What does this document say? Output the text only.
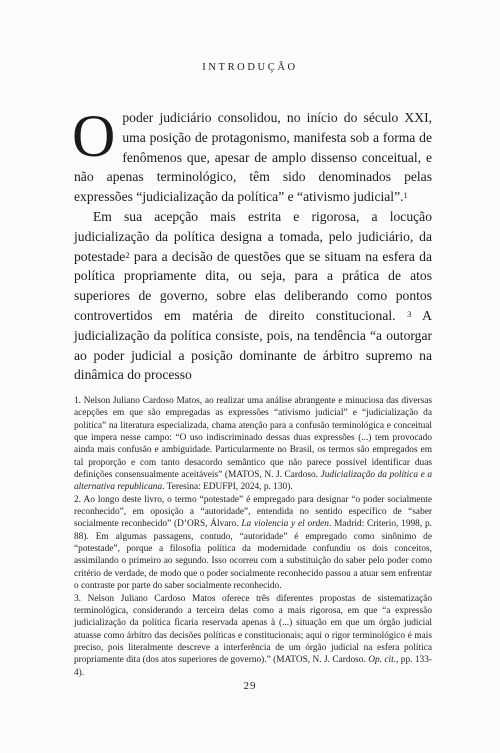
INTRODUÇÃO

Opoder judiciário consolidou, no início do século XXI, uma posição de protagonismo, manifesta sob a forma de fenômenos que, apesar de amplo dissenso conceitual, e não apenas terminológico, têm sido denominados pelas expressões “judicialização da política” e “ativismo judicial”.$^1$

Em sua acepção mais estrita e rigorosa, a locução judicialização da política designa a tomada, pelo judiciário, da potestade$^2$ para a decisão de questões que se situam na esfera da política propriamente dita, ou seja, para a prática de atos superiores de governo, sobre elas deliberando como pontos controvertidos em matéria de direito constitucional. $^3$ A judicialização da política consiste, pois, na tendência “a outorgar ao poder judicial a posição dominante de árbitro supremo na dinâmica do processo

1. Nelson Juliano Cardoso Matos, ao realizar uma análise abrangente e minuciosa das diversas acepções em que são empregadas as expressões “ativismo judicial” e “judicialização da política” na literatura especializada, chama atenção para a confusão terminológica e conceitual que impera nesse campo: “O uso indiscriminado dessas duas expressões (...) tem provocado ainda mais confusão e ambiguidade. Particularmente no Brasil, os termos são empregados em tal proporção e com tanto desacordo semântico que não parece possível identificar duas definições consensualmente aceitáveis” (MATOS, N. J. Cardoso. Judicialização da política e a alternativa republicana. Teresina: EDUFPI, 2024, p. 130).

2. Ao longo deste livro, o termo “potestade” é empregado para designar “o poder socialmente reconhecido”, em oposição a “autoridade”, entendida no sentido específico de “saber socialmente reconhecido” (D’ORS, Álvaro. La violencia y el orden. Madrid: Criterio, 1998, p. 88). Em algumas passagens, contudo, “autoridade” é empregado como sinônimo de “potestade”, porque a filosofia política da modernidade confundiu os dois conceitos, assimilando o primeiro ao segundo. Isso ocorreu com a substituição do saber pelo poder como critério de verdade, de modo que o poder socialmente reconhecido passou a atuar sem enfrentar o contraste por parte do saber socialmente reconhecido.

3. Nelson Juliano Cardoso Matos oferece três diferentes propostas de sistematização terminológica, considerando a terceira delas como a mais rigorosa, em que “a expressão judicialização da política ficaria reservada apenas à (...) situação em que um órgão judicial atuasse como árbitro das decisões políticas e constitucionais; aqui o rigor terminológico é mais preciso, pois literalmente descreve a interferência de um órgão judicial na esfera política propriamente dita (dos atos superiores de governo).” (MATOS, N. J. Cardoso. Op. cit., pp. 133-4).

29
